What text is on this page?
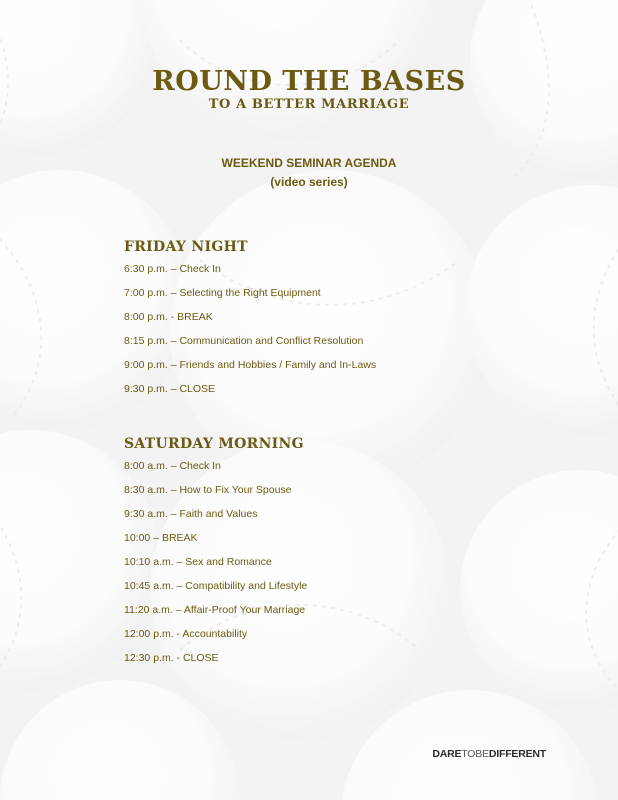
ROUND THE BASES
TO A BETTER MARRIAGE
WEEKEND SEMINAR AGENDA
(video series)
FRIDAY NIGHT
6:30 p.m. – Check In
7:00 p.m. – Selecting the Right Equipment
8:00 p.m. - BREAK
8:15 p.m. – Communication and Conflict Resolution
9:00 p.m. – Friends and Hobbies / Family and In-Laws
9:30 p.m. – CLOSE
SATURDAY MORNING
8:00 a.m. – Check In
8:30 a.m. – How to Fix Your Spouse
9:30 a.m. – Faith and Values
10:00 – BREAK
10:10 a.m. – Sex and Romance
10:45 a.m. – Compatibility and Lifestyle
11:20 a.m. – Affair-Proof Your Marriage
12:00 p.m. - Accountability
12:30 p.m. - CLOSE
DARETOBEDIFFERENT
